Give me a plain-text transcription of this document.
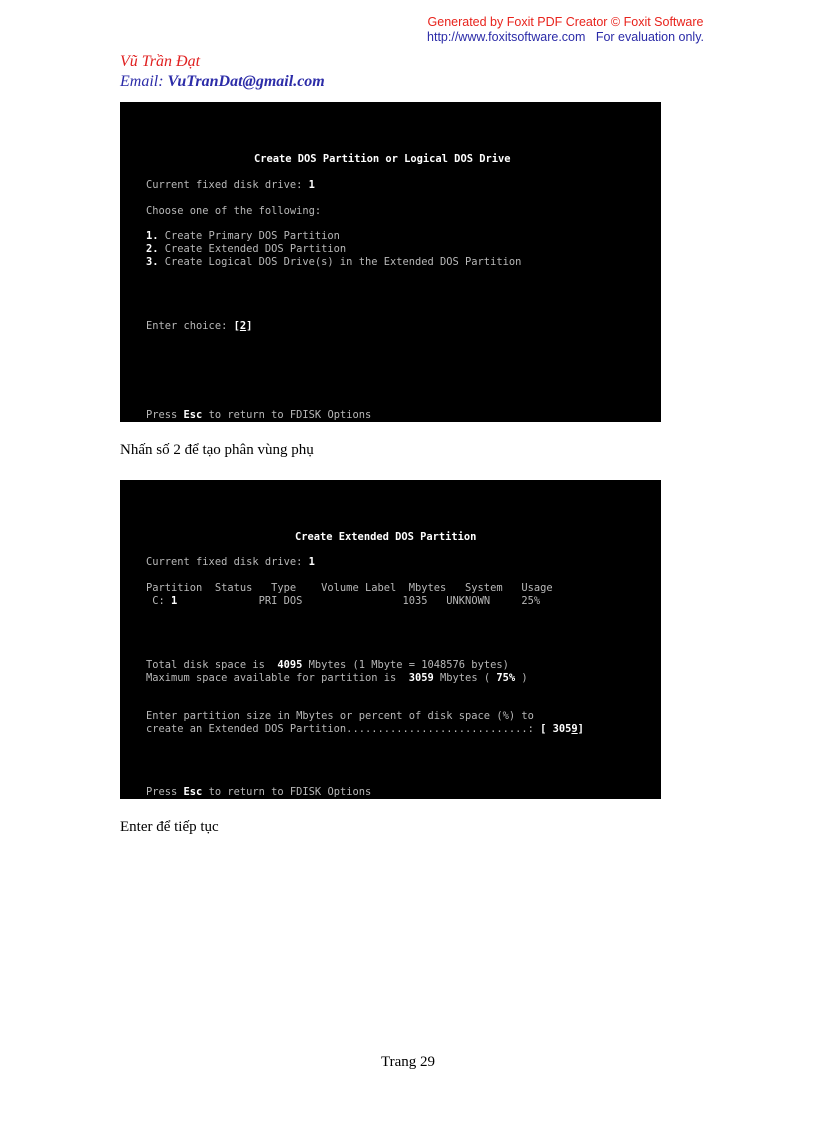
Generated by Foxit PDF Creator © Foxit Software
http://www.foxitsoftware.com   For evaluation only.
Vũ Trần Đạt
Email: VuTranDat@gmail.com
Create DOS Partition or Logical DOS Drive
Current fixed disk drive: 1
Choose one of the following:
1. Create Primary DOS Partition
2. Create Extended DOS Partition
3. Create Logical DOS Drive(s) in the Extended DOS Partition
Enter choice: [2]
Press Esc to return to FDISK Options
Nhấn số 2 để tạo phân vùng phụ
Create Extended DOS Partition
Current fixed disk drive: 1
Partition  Status   Type    Volume Label  Mbytes   System   Usage
C: 1             PRI DOS                1035   UNKNOWN     25%
Total disk space is  4095 Mbytes (1 Mbyte = 1048576 bytes)
Maximum space available for partition is  3059 Mbytes ( 75% )
Enter partition size in Mbytes or percent of disk space (%) to
create an Extended DOS Partition.............................: [ 3059]
Press Esc to return to FDISK Options
Enter để tiếp tục
Trang 29
